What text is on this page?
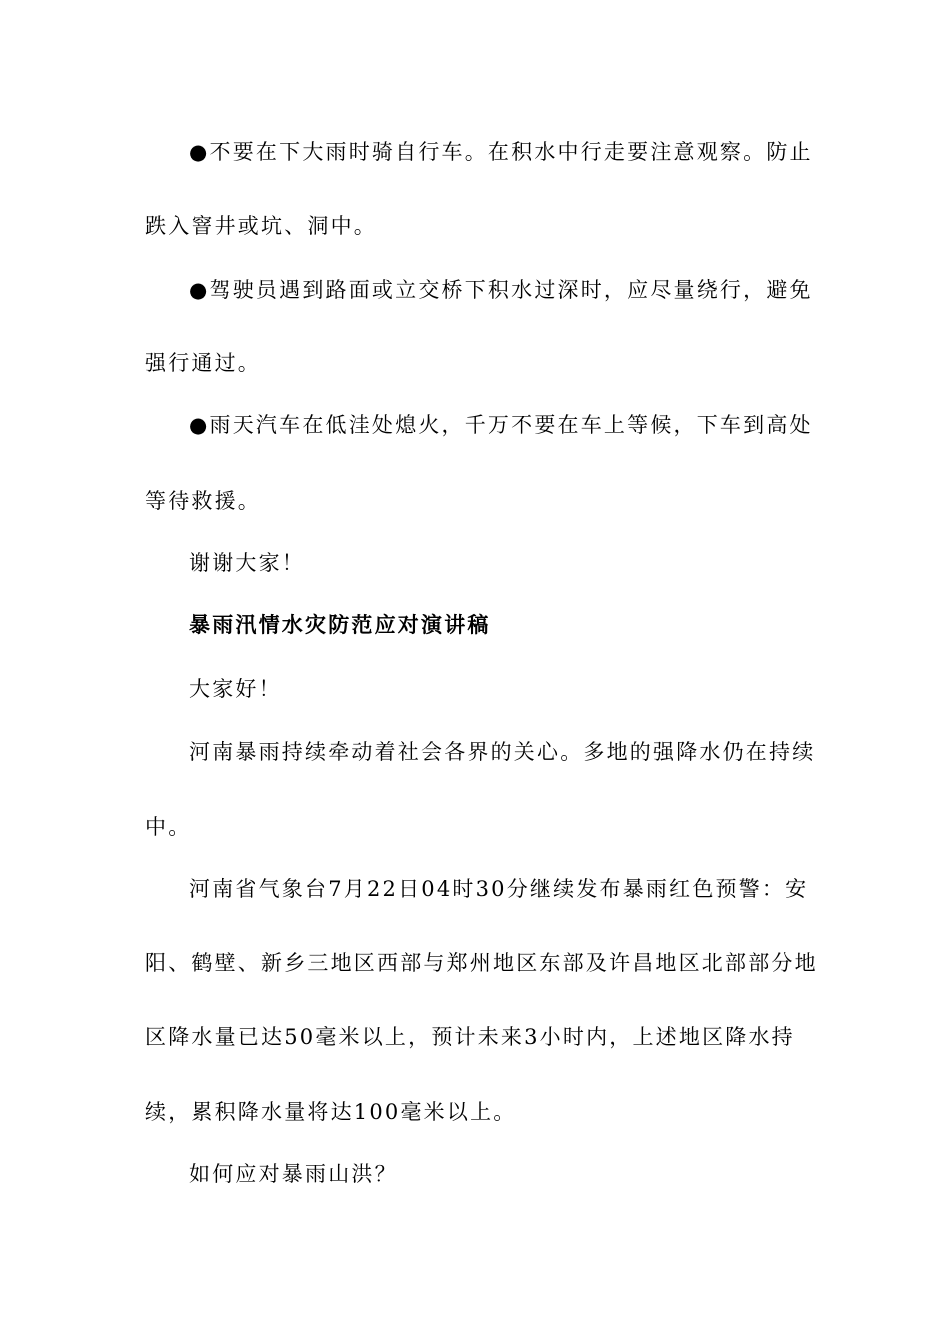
●不要在下大雨时骑自行车。在积水中行走要注意观察。防止
跌入窨井或坑、洞中。
●驾驶员遇到路面或立交桥下积水过深时，应尽量绕行，避免
强行通过。
●雨天汽车在低洼处熄火，千万不要在车上等候，下车到高处
等待救援。
谢谢大家！
暴雨汛情水灾防范应对演讲稿
大家好！
河南暴雨持续牵动着社会各界的关心。多地的强降水仍在持续
中。
河南省气象台7月22日04时30分继续发布暴雨红色预警：安
阳、鹤壁、新乡三地区西部与郑州地区东部及许昌地区北部部分地
区降水量已达50毫米以上，预计未来3小时内，上述地区降水持
续，累积降水量将达100毫米以上。
如何应对暴雨山洪？
